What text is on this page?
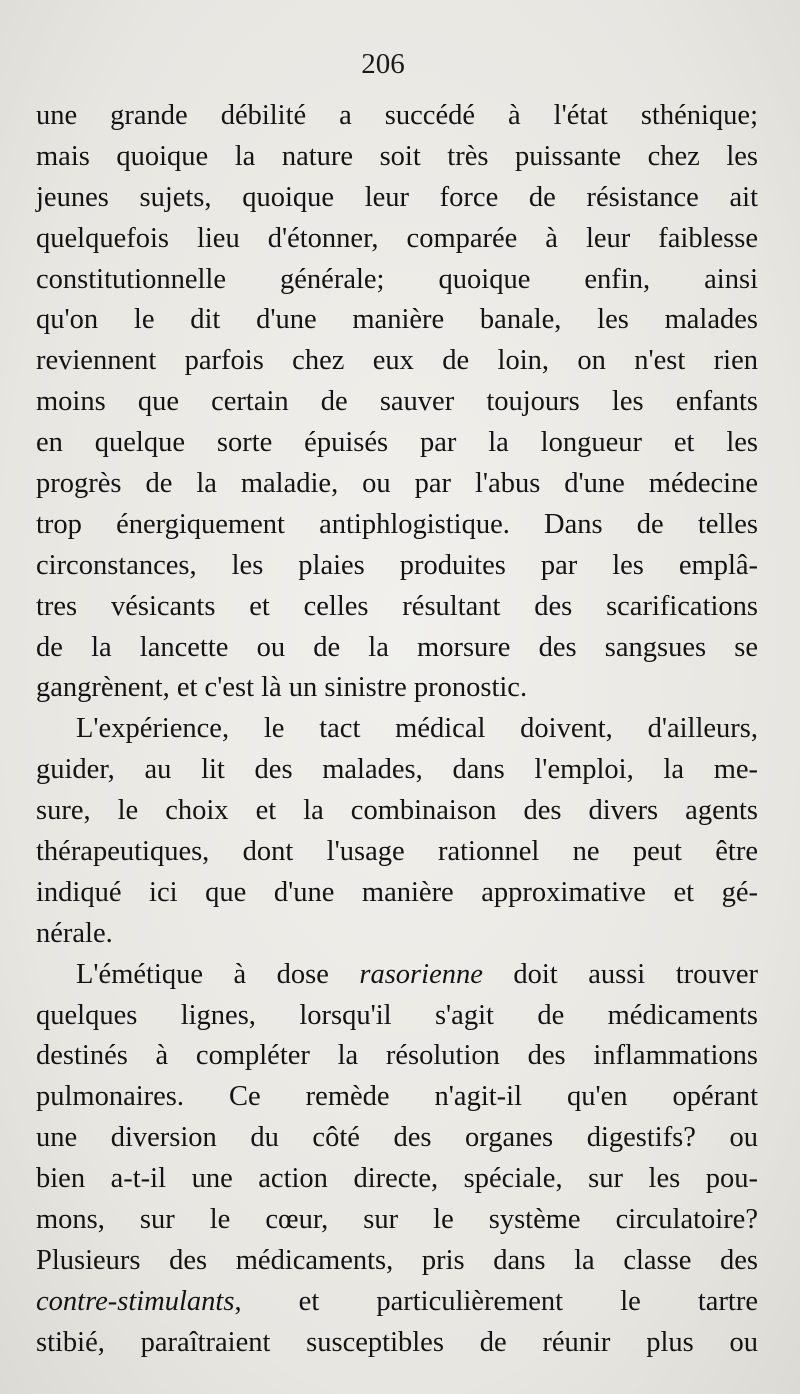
206
une grande débilité a succédé à l'état sthénique;
mais quoique la nature soit très puissante chez les
jeunes sujets, quoique leur force de résistance ait
quelquefois lieu d'étonner, comparée à leur faiblesse
constitutionnelle générale; quoique enfin, ainsi
qu'on le dit d'une manière banale, les malades
reviennent parfois chez eux de loin, on n'est rien
moins que certain de sauver toujours les enfants
en quelque sorte épuisés par la longueur et les
progrès de la maladie, ou par l'abus d'une médecine
trop énergiquement antiphlogistique. Dans de telles
circonstances, les plaies produites par les emplâ-
tres vésicants et celles résultant des scarifications
de la lancette ou de la morsure des sangsues se
gangrènent, et c'est là un sinistre pronostic.
L'expérience, le tact médical doivent, d'ailleurs,
guider, au lit des malades, dans l'emploi, la me-
sure, le choix et la combinaison des divers agents
thérapeutiques, dont l'usage rationnel ne peut être
indiqué ici que d'une manière approximative et gé-
nérale.
L'émétique à dose rasorienne doit aussi trouver
quelques lignes, lorsqu'il s'agit de médicaments
destinés à compléter la résolution des inflammations
pulmonaires. Ce remède n'agit-il qu'en opérant
une diversion du côté des organes digestifs? ou
bien a-t-il une action directe, spéciale, sur les pou-
mons, sur le cœur, sur le système circulatoire?
Plusieurs des médicaments, pris dans la classe des
contre-stimulants, et particulièrement le tartre
stibié, paraîtraient susceptibles de réunir plus ou
